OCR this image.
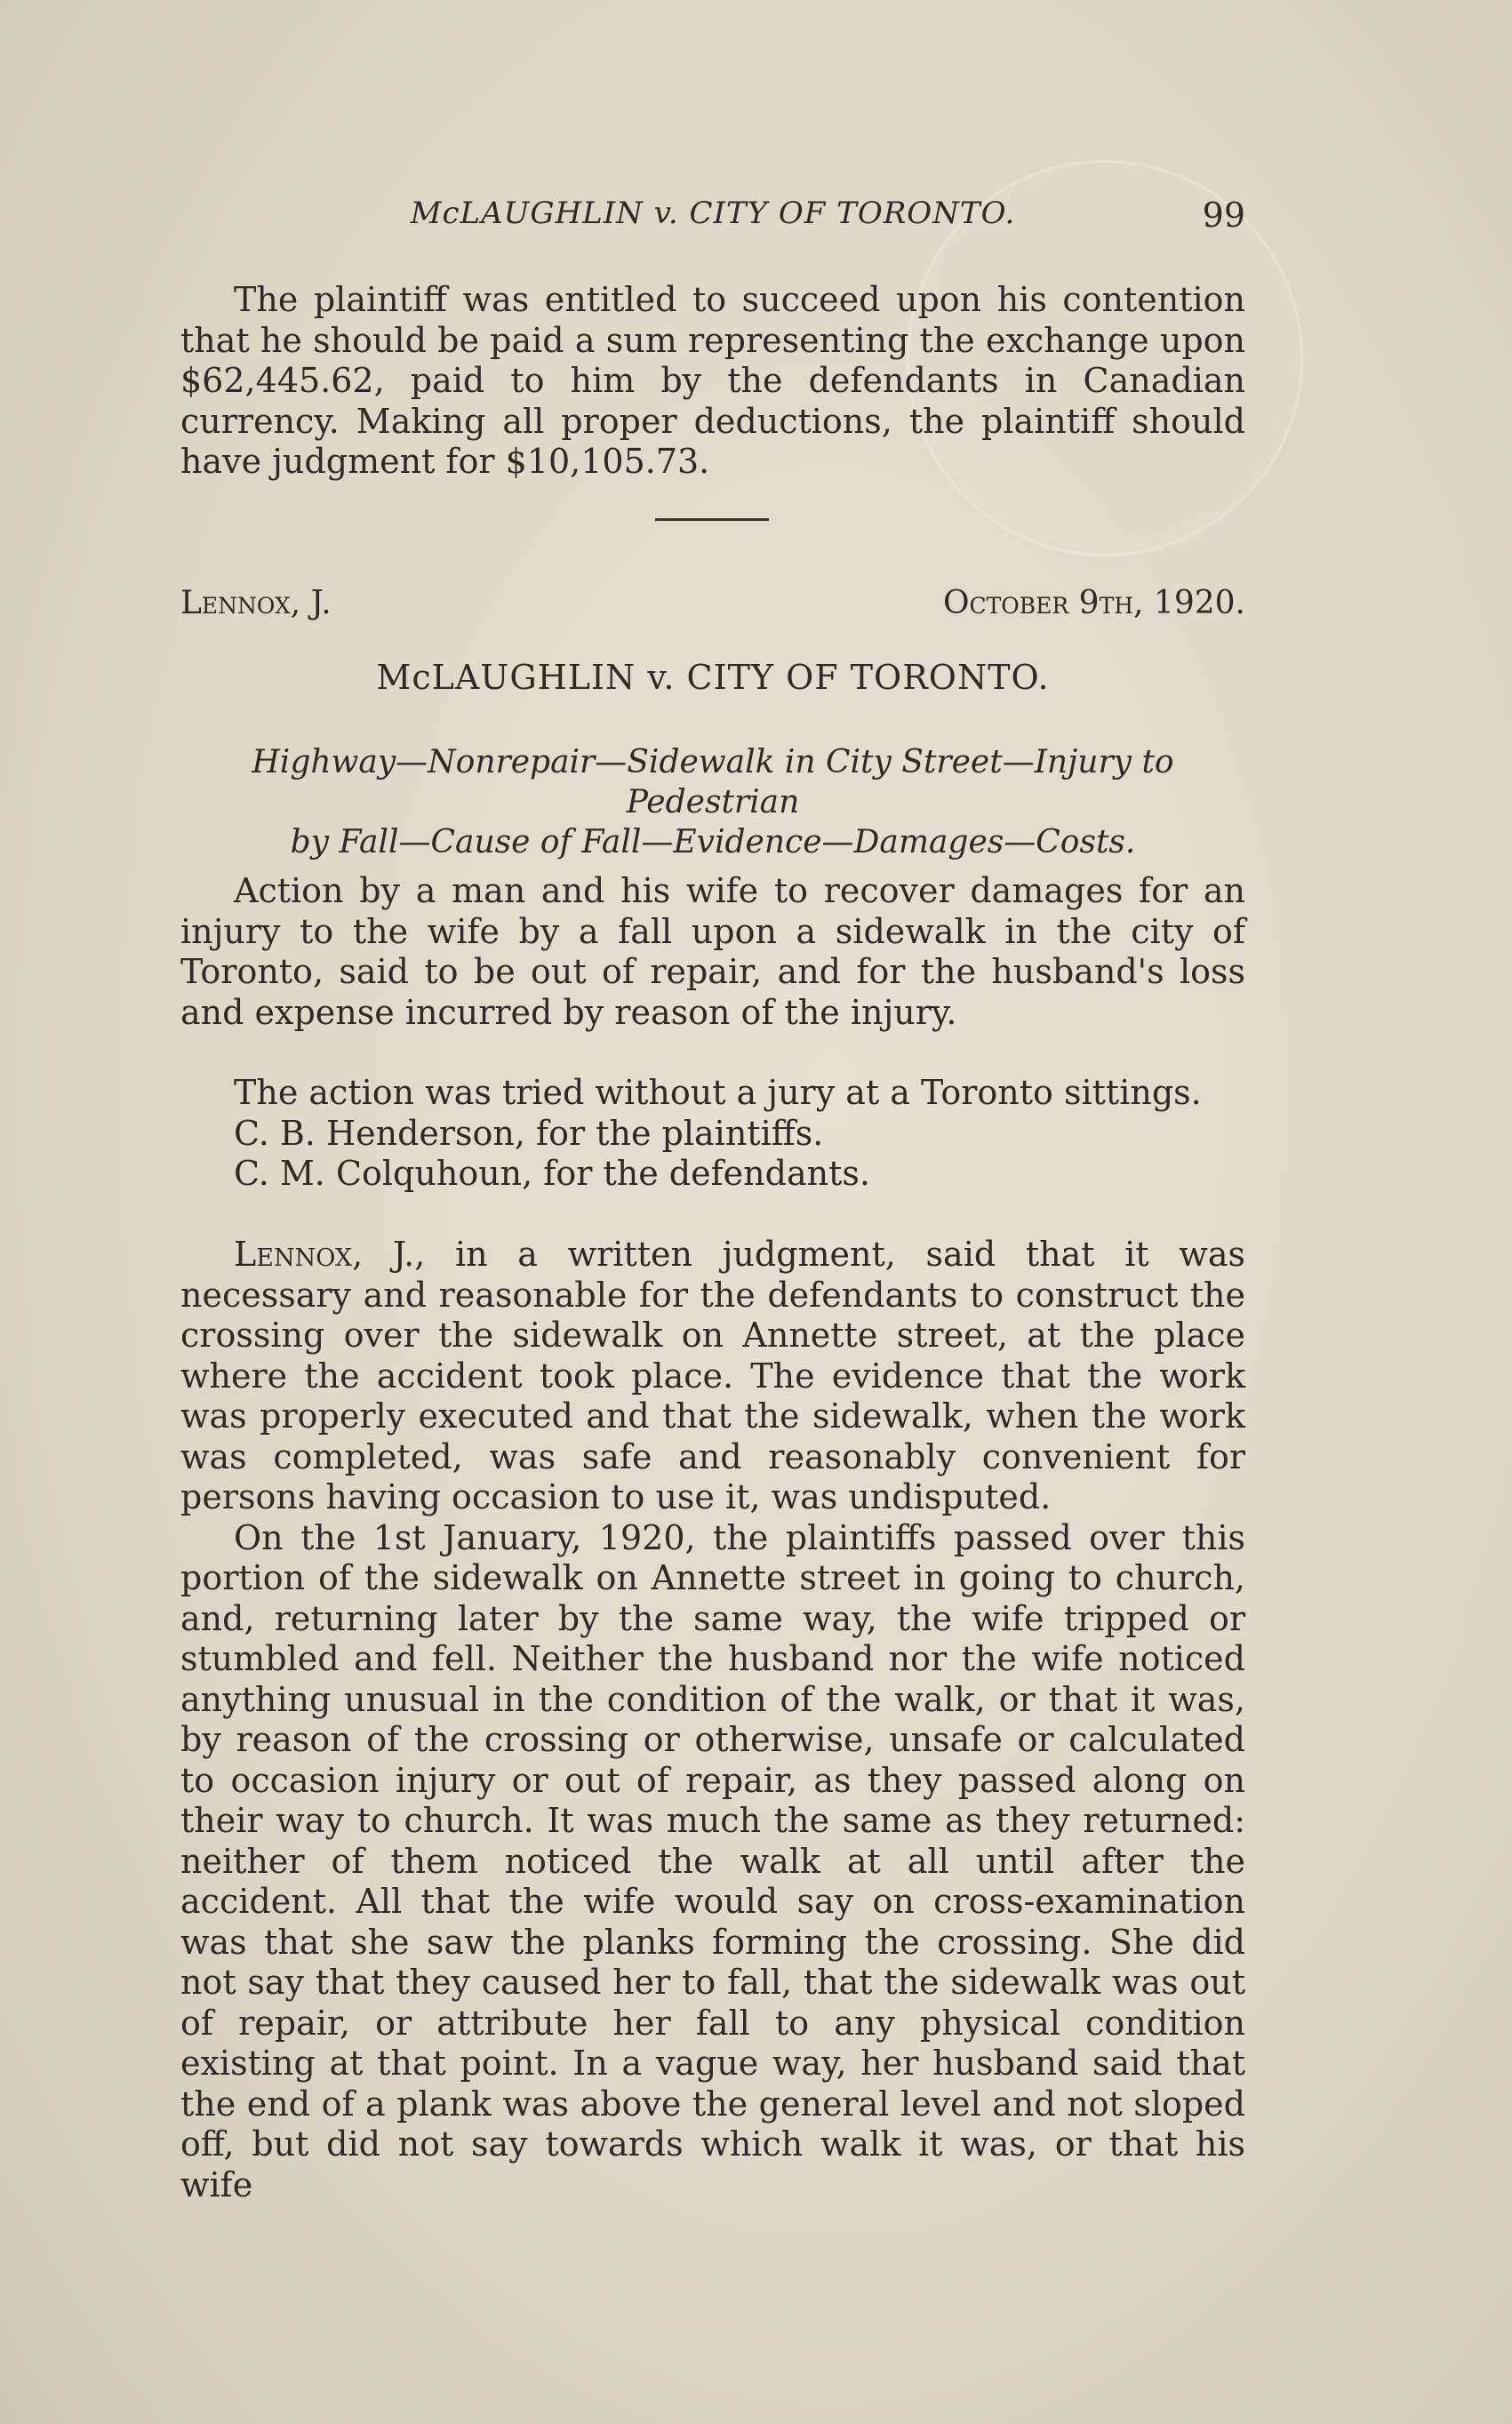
McLAUGHLIN v. CITY OF TORONTO.	99

The plaintiff was entitled to succeed upon his contention that he should be paid a sum representing the exchange upon $62,445.62, paid to him by the defendants in Canadian currency. Making all proper deductions, the plaintiff should have judgment for $10,105.73.

Lennox, J.	October 9th, 1920.
McLAUGHLIN v. CITY OF TORONTO.
Highway—Nonrepair—Sidewalk in City Street—Injury to Pedestrian
by Fall—Cause of Fall—Evidence—Damages—Costs.

Action by a man and his wife to recover damages for an injury to the wife by a fall upon a sidewalk in the city of Toronto, said to be out of repair, and for the husband's loss and expense incurred by reason of the injury.

The action was tried without a jury at a Toronto sittings.

C. B. Henderson, for the plaintiffs.

C. M. Colquhoun, for the defendants.

Lennox, J., in a written judgment, said that it was necessary and reasonable for the defendants to construct the crossing over the sidewalk on Annette street, at the place where the accident took place. The evidence that the work was properly executed and that the sidewalk, when the work was completed, was safe and reasonably convenient for persons having occasion to use it, was undisputed.

On the 1st January, 1920, the plaintiffs passed over this portion of the sidewalk on Annette street in going to church, and, returning later by the same way, the wife tripped or stumbled and fell. Neither the husband nor the wife noticed anything unusual in the condition of the walk, or that it was, by reason of the crossing or otherwise, unsafe or calculated to occasion injury or out of repair, as they passed along on their way to church. It was much the same as they returned: neither of them noticed the walk at all until after the accident. All that the wife would say on cross-examination was that she saw the planks forming the crossing. She did not say that they caused her to fall, that the sidewalk was out of repair, or attribute her fall to any physical condition existing at that point. In a vague way, her husband said that the end of a plank was above the general level and not sloped off, but did not say towards which walk it was, or that his wife
